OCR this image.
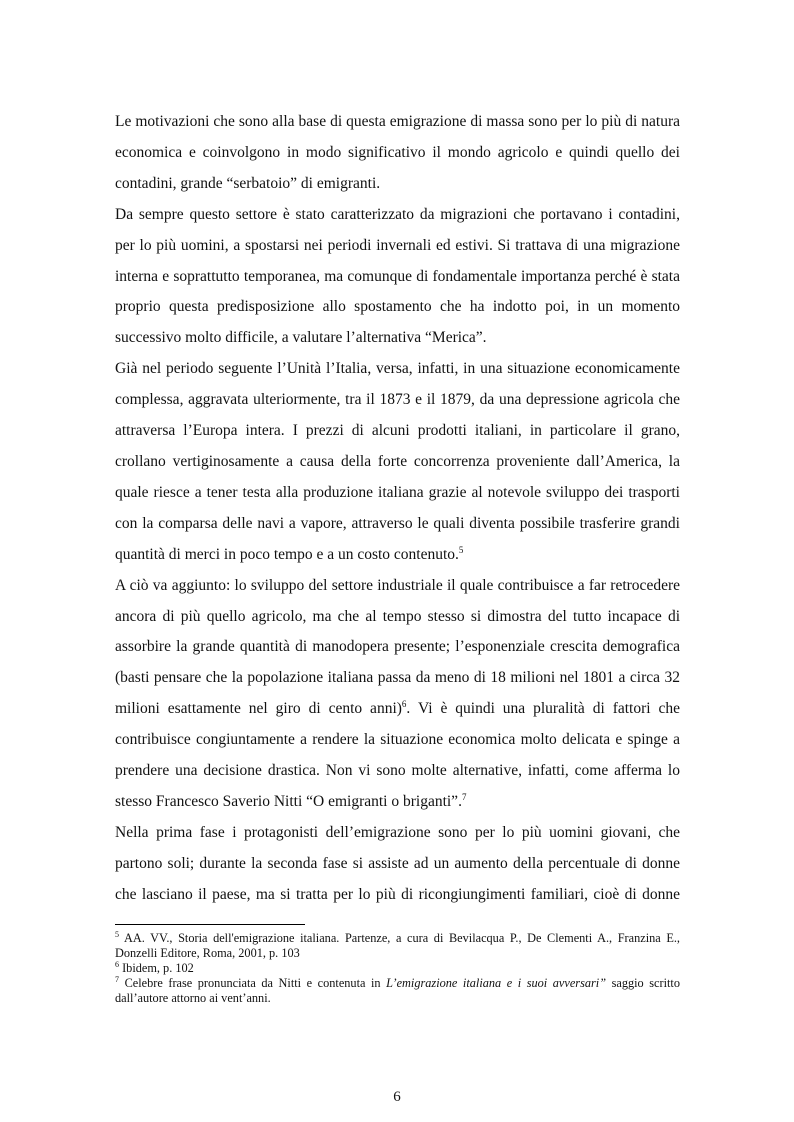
Le motivazioni che sono alla base di questa emigrazione di massa sono per lo più di natura economica e coinvolgono in modo significativo il mondo agricolo e quindi quello dei contadini, grande “serbatoio” di emigranti.

Da sempre questo settore è stato caratterizzato da migrazioni che portavano i contadini, per lo più uomini, a spostarsi nei periodi invernali ed estivi. Si trattava di una migrazione interna e soprattutto temporanea, ma comunque di fondamentale importanza perché è stata proprio questa predisposizione allo spostamento che ha indotto poi, in un momento successivo molto difficile, a valutare l’alternativa “Merica”.

Già nel periodo seguente l’Unità l’Italia, versa, infatti, in una situazione economicamente complessa, aggravata ulteriormente, tra il 1873 e il 1879, da una depressione agricola che attraversa l’Europa intera. I prezzi di alcuni prodotti italiani, in particolare il grano, crollano vertiginosamente a causa della forte concorrenza proveniente dall’America, la quale riesce a tener testa alla produzione italiana grazie al notevole sviluppo dei trasporti con la comparsa delle navi a vapore, attraverso le quali diventa possibile trasferire grandi quantità di merci in poco tempo e a un costo contenuto.$^5$

A ciò va aggiunto: lo sviluppo del settore industriale il quale contribuisce a far retrocedere ancora di più quello agricolo, ma che al tempo stesso si dimostra del tutto incapace di assorbire la grande quantità di manodopera presente; l’esponenziale crescita demografica (basti pensare che la popolazione italiana passa da meno di 18 milioni nel 1801 a circa 32 milioni esattamente nel giro di cento anni)$^6$. Vi è quindi una pluralità di fattori che contribuisce congiuntamente a rendere la situazione economica molto delicata e spinge a prendere una decisione drastica. Non vi sono molte alternative, infatti, come afferma lo stesso Francesco Saverio Nitti “O emigranti o briganti”.$^7$

Nella prima fase i protagonisti dell’emigrazione sono per lo più uomini giovani, che partono soli; durante la seconda fase si assiste ad un aumento della percentuale di donne che lasciano il paese, ma si tratta per lo più di ricongiungimenti familiari, cioè di donne

$^5$ AA. VV., Storia dell'emigrazione italiana. Partenze, a cura di Bevilacqua P., De Clementi A., Franzina E., Donzelli Editore, Roma, 2001, p. 103

$^6$ Ibidem, p. 102

$^7$ Celebre frase pronunciata da Nitti e contenuta in L’emigrazione italiana e i suoi avversari” saggio scritto dall’autore attorno ai vent’anni.

6
